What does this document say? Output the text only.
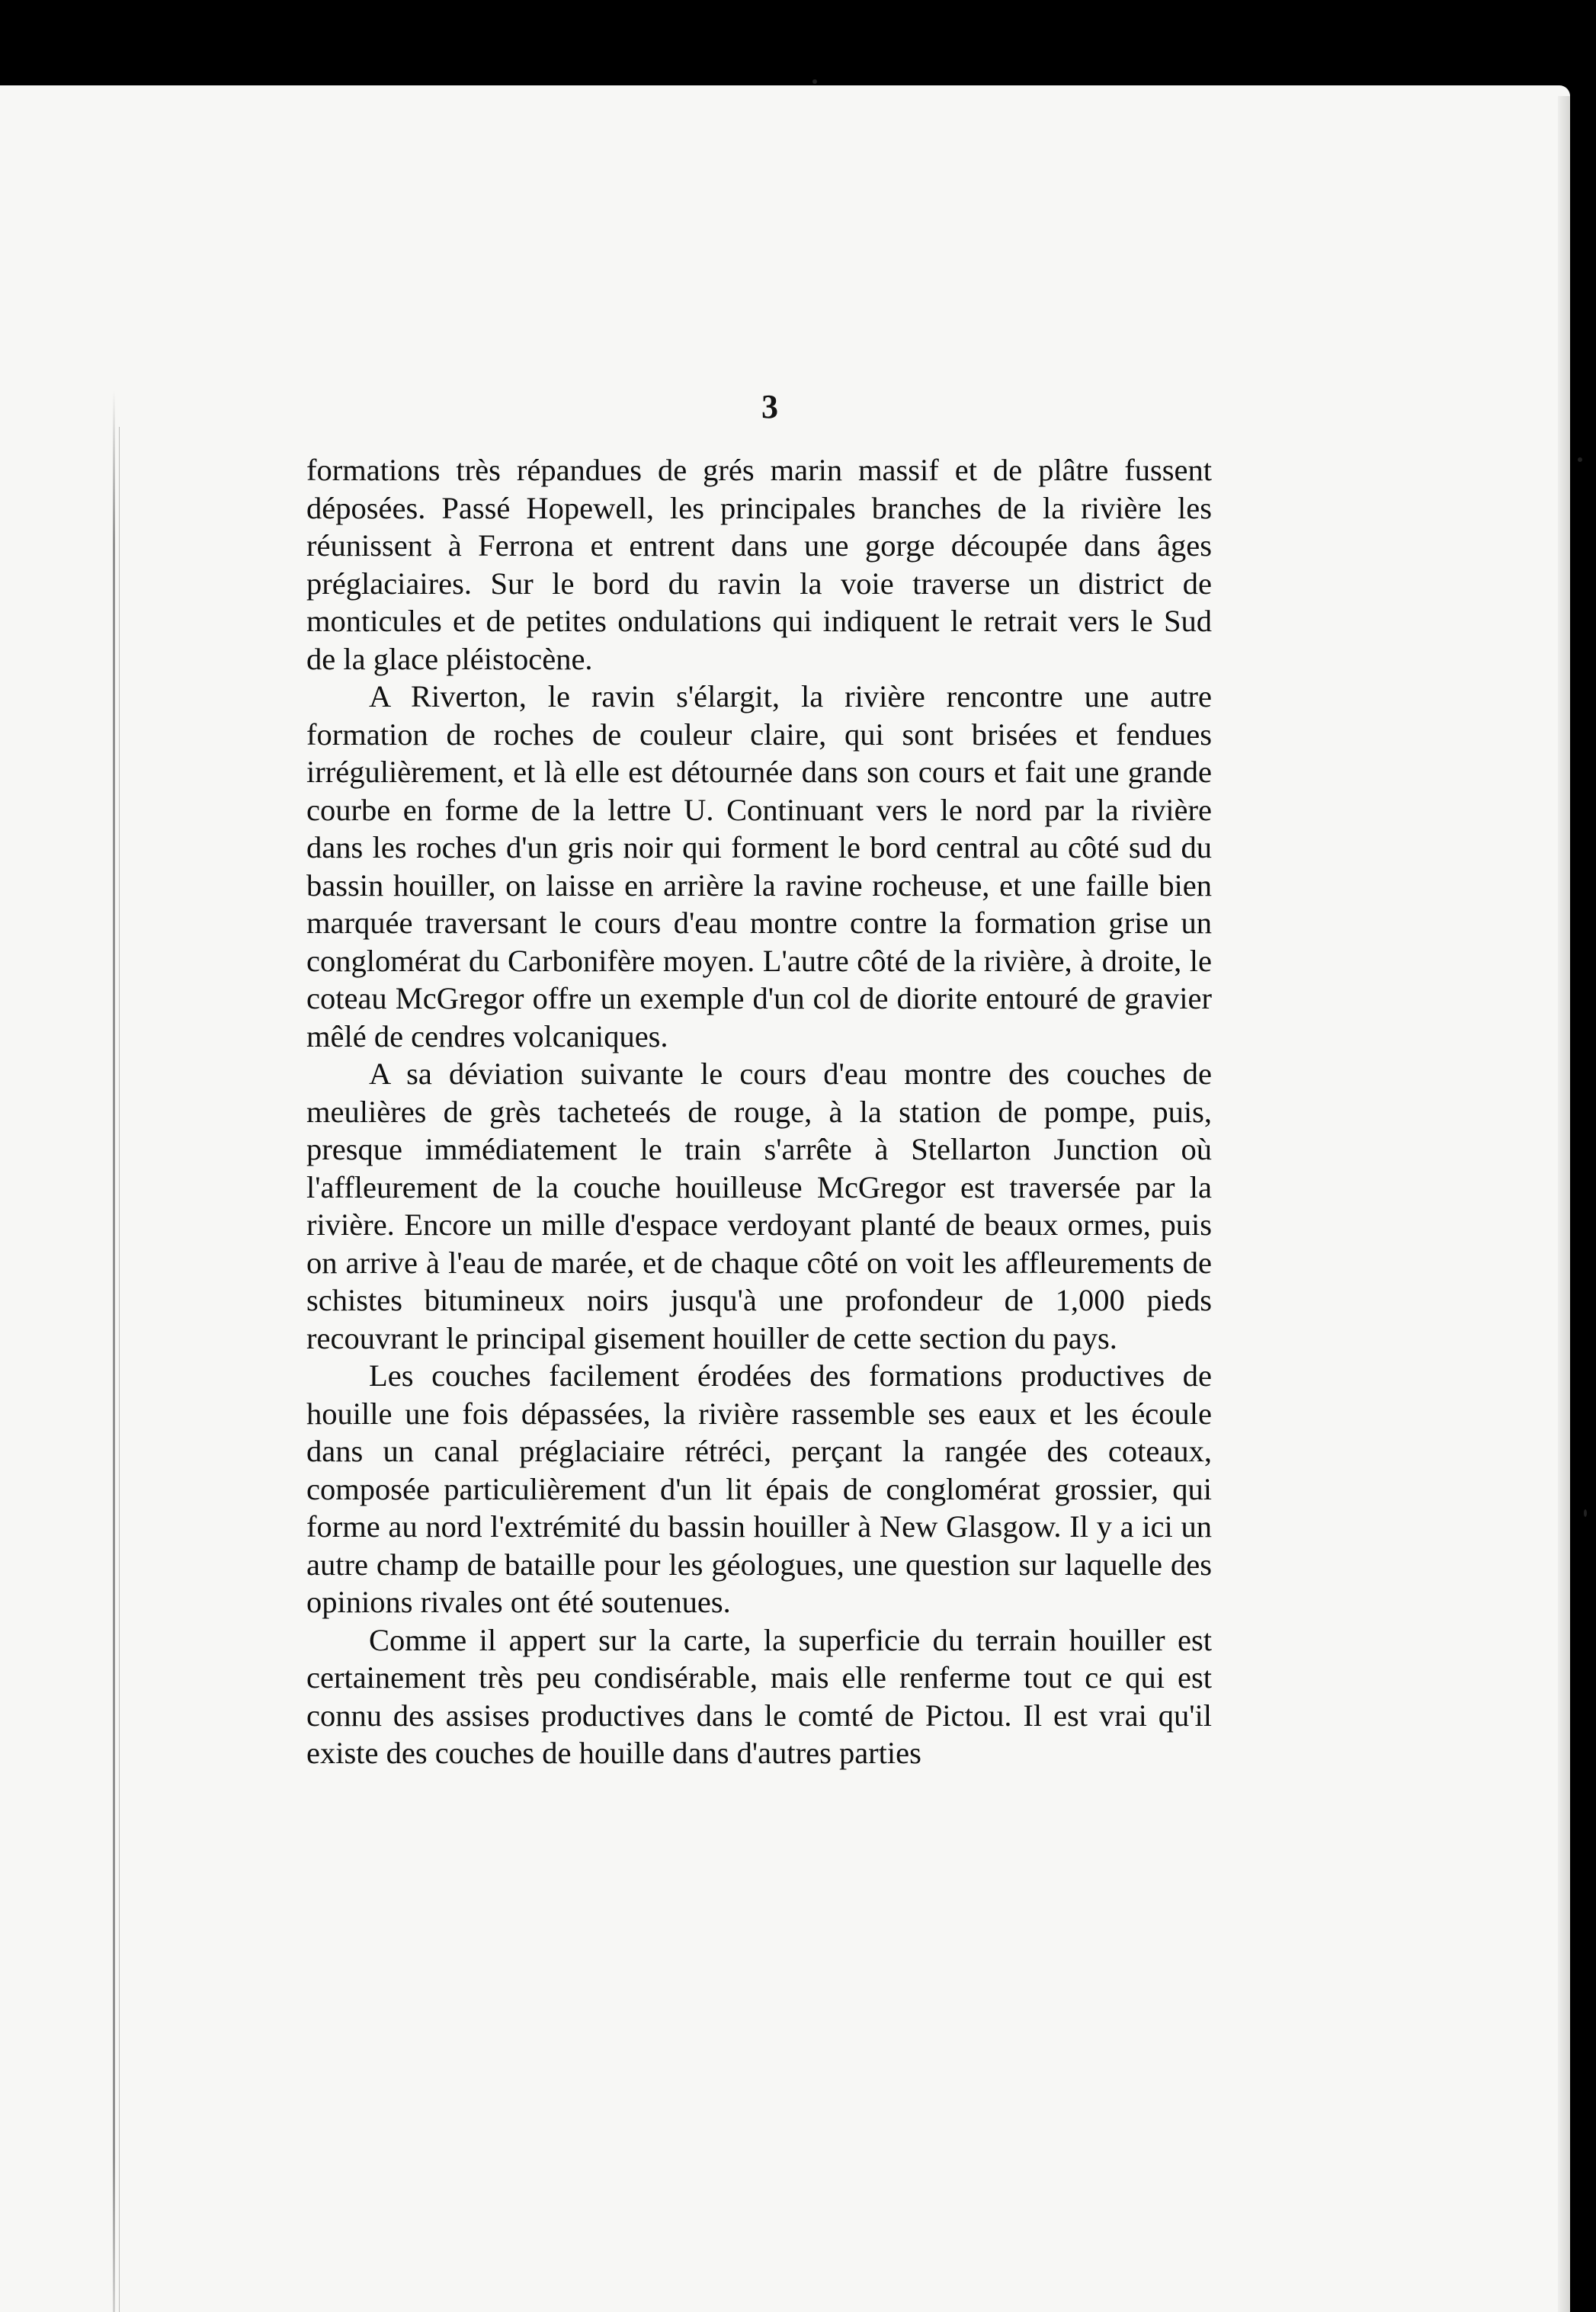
3

formations très répandues de grés marin massif et de plâtre fussent déposées. Passé Hopewell, les principales branches de la rivière les réunissent à Ferrona et entrent dans une gorge découpée dans âges préglaciaires. Sur le bord du ravin la voie traverse un district de monticules et de petites ondulations qui indiquent le retrait vers le Sud de la glace pléistocène.

A Riverton, le ravin s'élargit, la rivière rencontre une autre formation de roches de couleur claire, qui sont brisées et fendues irrégulièrement, et là elle est détournée dans son cours et fait une grande courbe en forme de la lettre U. Continuant vers le nord par la rivière dans les roches d'un gris noir qui forment le bord central au côté sud du bassin houiller, on laisse en arrière la ravine rocheuse, et une faille bien marquée traversant le cours d'eau montre contre la formation grise un conglomérat du Carbonifère moyen. L'autre côté de la rivière, à droite, le coteau McGregor offre un exemple d'un col de diorite entouré de gravier mêlé de cendres volcaniques.

A sa déviation suivante le cours d'eau montre des couches de meulières de grès tacheteés de rouge, à la station de pompe, puis, presque immédiatement le train s'arrête à Stellarton Junction où l'affleurement de la couche houilleuse McGregor est traversée par la rivière. Encore un mille d'espace verdoyant planté de beaux ormes, puis on arrive à l'eau de marée, et de chaque côté on voit les affleurements de schistes bitumineux noirs jusqu'à une profondeur de 1,000 pieds recouvrant le principal gisement houiller de cette section du pays.

Les couches facilement érodées des formations productives de houille une fois dépassées, la rivière rassemble ses eaux et les écoule dans un canal préglaciaire rétréci, perçant la rangée des coteaux, composée particulièrement d'un lit épais de conglomérat grossier, qui forme au nord l'extrémité du bassin houiller à New Glasgow. Il y a ici un autre champ de bataille pour les géologues, une question sur laquelle des opinions rivales ont été soutenues.

Comme il appert sur la carte, la superficie du terrain houiller est certainement très peu condisérable, mais elle renferme tout ce qui est connu des assises productives dans le comté de Pictou. Il est vrai qu'il existe des couches de houille dans d'autres parties
